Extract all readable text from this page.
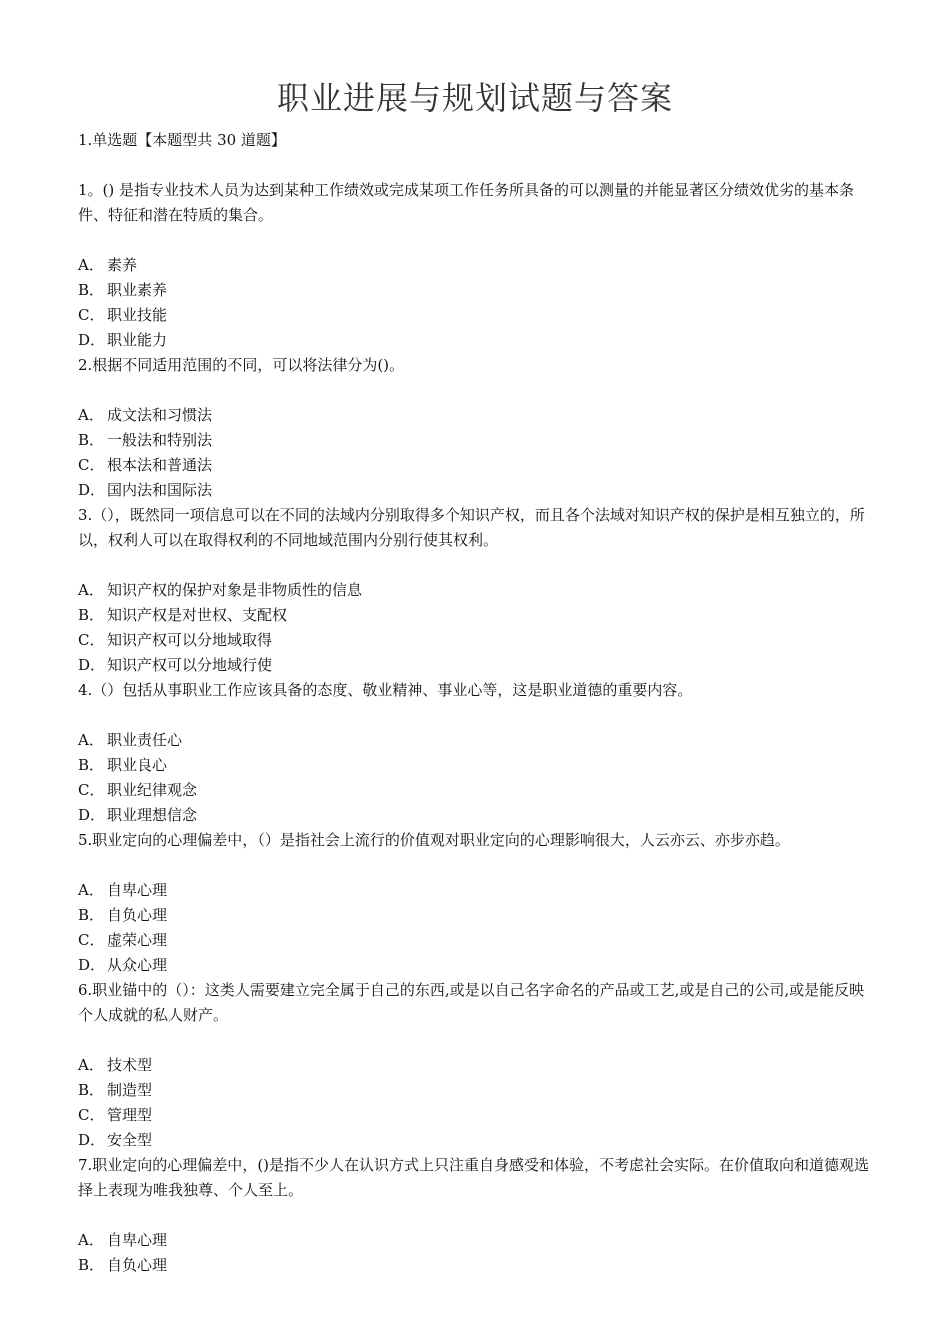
职业进展与规划试题与答案

1.单选题【本题型共 30 道题】

1。() 是指专业技术人员为达到某种工作绩效或完成某项工作任务所具备的可以测量的并能显著区分绩效优劣的基本条件、特征和潜在特质的集合。

A． 素养

B． 职业素养

C． 职业技能

D． 职业能力

2.根据不同适用范围的不同，可以将法律分为()。

A． 成文法和习惯法

B． 一般法和特别法

C． 根本法和普通法

D． 国内法和国际法

3.（），既然同一项信息可以在不同的法域内分别取得多个知识产权，而且各个法域对知识产权的保护是相互独立的，所以，权利人可以在取得权利的不同地域范围内分别行使其权利。

A． 知识产权的保护对象是非物质性的信息

B． 知识产权是对世权、支配权

C． 知识产权可以分地域取得

D． 知识产权可以分地域行使

4.（）包括从事职业工作应该具备的态度、敬业精神、事业心等，这是职业道德的重要内容。

A． 职业责任心

B． 职业良心

C． 职业纪律观念

D． 职业理想信念

5.职业定向的心理偏差中，（）是指社会上流行的价值观对职业定向的心理影响很大，人云亦云、亦步亦趋。

A． 自卑心理

B． 自负心理

C． 虚荣心理

D． 从众心理

6.职业锚中的（）：这类人需要建立完全属于自己的东西,或是以自己名字命名的产品或工艺,或是自己的公司,或是能反映个人成就的私人财产。

A． 技术型

B． 制造型

C． 管理型

D． 安全型

7.职业定向的心理偏差中，()是指不少人在认识方式上只注重自身感受和体验，不考虑社会实际。在价值取向和道德观选择上表现为唯我独尊、个人至上。

A． 自卑心理

B． 自负心理
